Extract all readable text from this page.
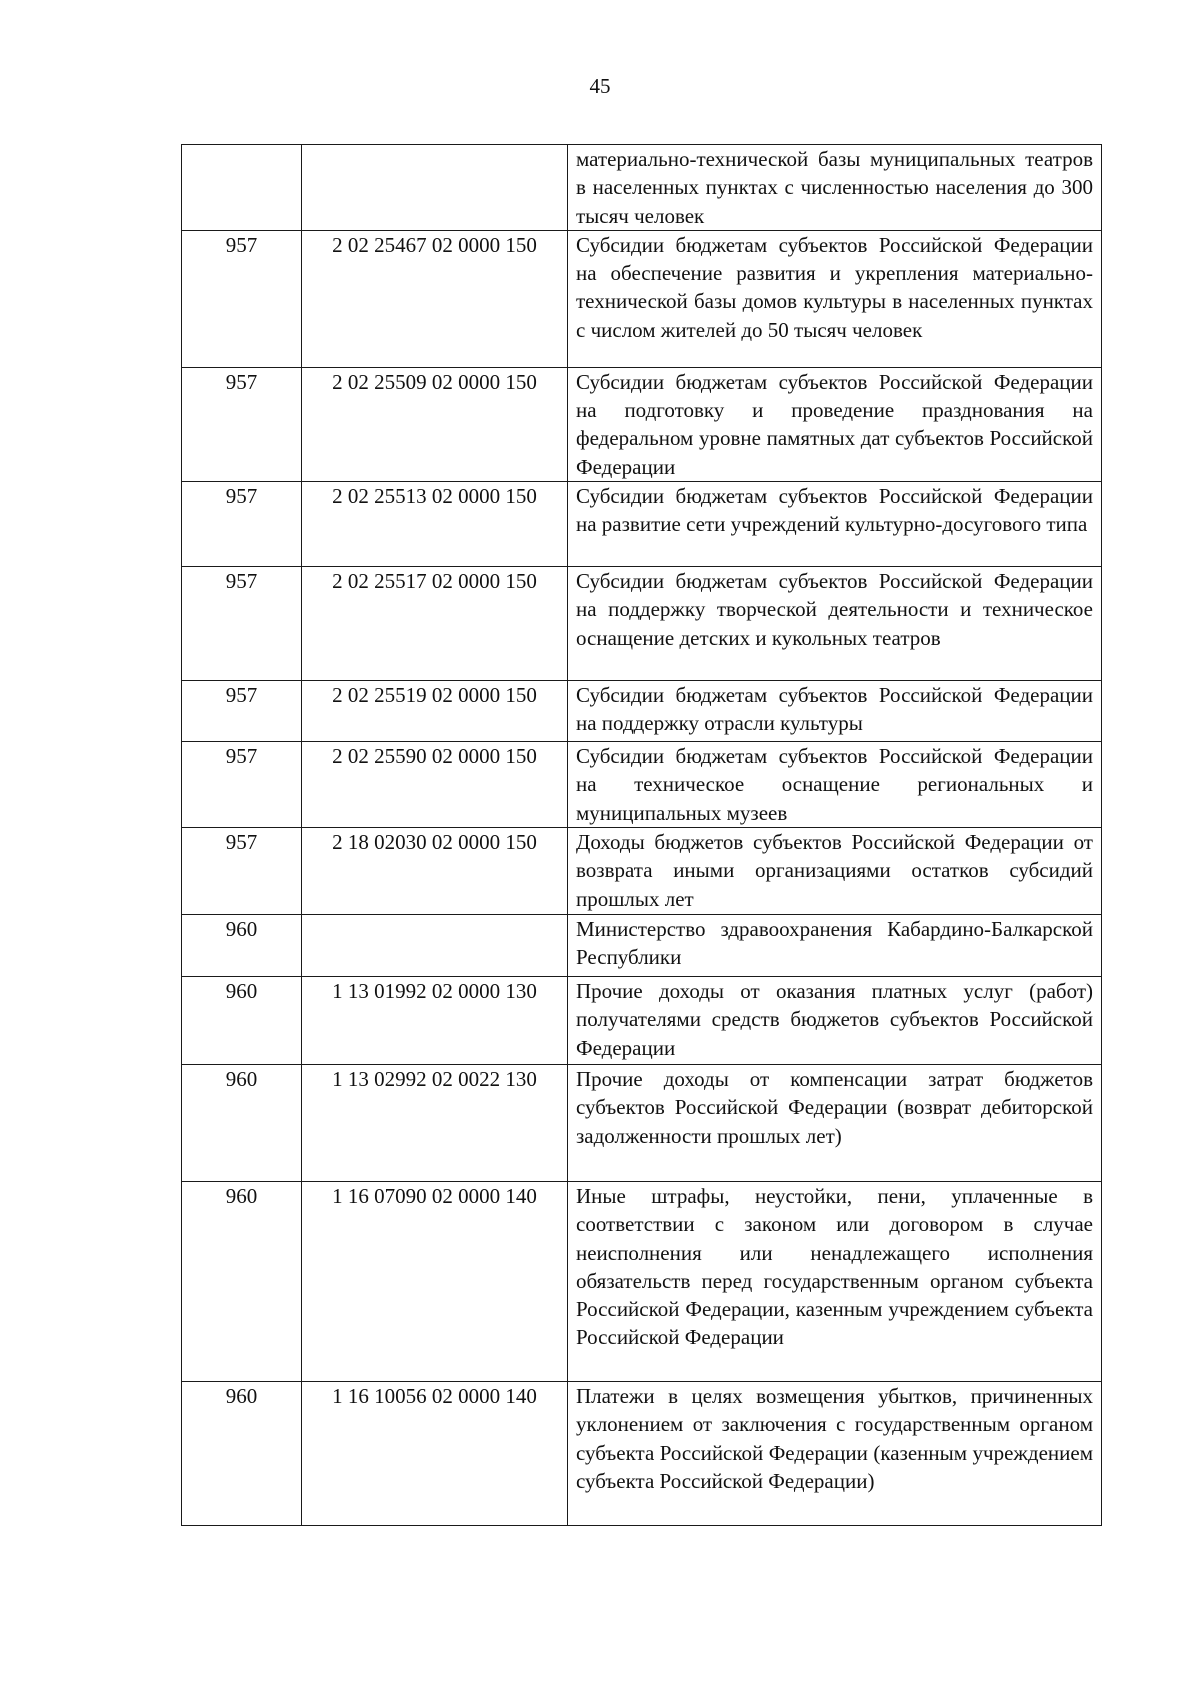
45
		материально-технической базы муниципальных театров в населенных пунктах с численностью населения до 300 тысяч человек
957	2 02 25467 02 0000 150	Субсидии бюджетам субъектов Российской Федерации на обеспечение развития и укрепления материально-технической базы домов культуры в населенных пунктах с числом жителей до 50 тысяч человек
957	2 02 25509 02 0000 150	Субсидии бюджетам субъектов Российской Федерации на подготовку и проведение празднования на федеральном уровне памятных дат субъектов Российской Федерации
957	2 02 25513 02 0000 150	Субсидии бюджетам субъектов Российской Федерации на развитие сети учреждений культурно-досугового типа
957	2 02 25517 02 0000 150	Субсидии бюджетам субъектов Российской Федерации на поддержку творческой деятельности и техническое оснащение детских и кукольных театров
957	2 02 25519 02 0000 150	Субсидии бюджетам субъектов Российской Федерации на поддержку отрасли культуры
957	2 02 25590 02 0000 150	Субсидии бюджетам субъектов Российской Федерации на техническое оснащение региональных и муниципальных музеев
957	2 18 02030 02 0000 150	Доходы бюджетов субъектов Российской Федерации от возврата иными организациями остатков субсидий прошлых лет
960		Министерство здравоохранения Кабардино-Балкарской Республики
960	1 13 01992 02 0000 130	Прочие доходы от оказания платных услуг (работ) получателями средств бюджетов субъектов Российской Федерации
960	1 13 02992 02 0022 130	Прочие доходы от компенсации затрат бюджетов субъектов Российской Федерации (возврат дебиторской задолженности прошлых лет)
960	1 16 07090 02 0000 140	Иные штрафы, неустойки, пени, уплаченные в соответствии с законом или договором в случае неисполнения или ненадлежащего исполнения обязательств перед государственным органом субъекта Российской Федерации, казенным учреждением субъекта Российской Федерации
960	1 16 10056 02 0000 140	Платежи в целях возмещения убытков, причиненных уклонением от заключения с государственным органом субъекта Российской Федерации (казенным учреждением субъекта Российской Федерации)
